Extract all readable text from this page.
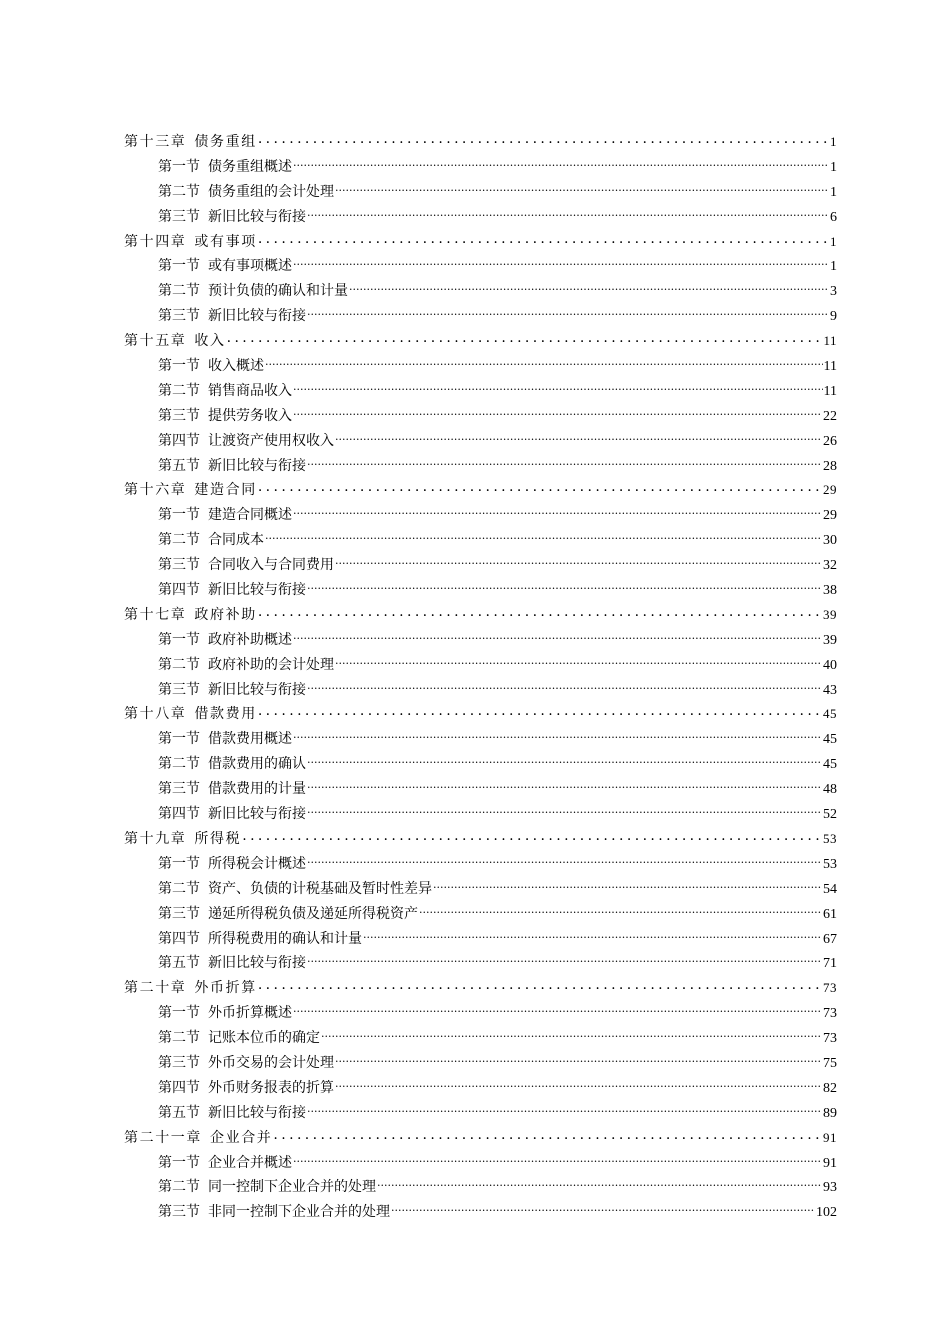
第十三章 债务重组 .....	1
第一节 债务重组概述 .....	1
第二节 债务重组的会计处理 .....	1
第三节 新旧比较与衔接 .....	6
第十四章 或有事项 .....	1
第一节 或有事项概述 .....	1
第二节 预计负债的确认和计量 .....	3
第三节 新旧比较与衔接 .....	9
第十五章 收入 .....	11
第一节 收入概述 .....	11
第二节 销售商品收入 .....	11
第三节 提供劳务收入 .....	22
第四节 让渡资产使用权收入 .....	26
第五节 新旧比较与衔接 .....	28
第十六章 建造合同 .....	29
第一节 建造合同概述 .....	29
第二节 合同成本 .....	30
第三节 合同收入与合同费用 .....	32
第四节 新旧比较与衔接 .....	38
第十七章 政府补助 .....	39
第一节 政府补助概述 .....	39
第二节 政府补助的会计处理 .....	40
第三节 新旧比较与衔接 .....	43
第十八章 借款费用 .....	45
第一节 借款费用概述 .....	45
第二节 借款费用的确认 .....	45
第三节 借款费用的计量 .....	48
第四节 新旧比较与衔接 .....	52
第十九章 所得税 .....	53
第一节 所得税会计概述 .....	53
第二节 资产、负债的计税基础及暂时性差异 .....	54
第三节 递延所得税负债及递延所得税资产 .....	61
第四节 所得税费用的确认和计量 .....	67
第五节 新旧比较与衔接 .....	71
第二十章 外币折算 .....	73
第一节 外币折算概述 .....	73
第二节 记账本位币的确定 .....	73
第三节 外币交易的会计处理 .....	75
第四节 外币财务报表的折算 .....	82
第五节 新旧比较与衔接 .....	89
第二十一章 企业合并 .....	91
第一节 企业合并概述 .....	91
第二节 同一控制下企业合并的处理 .....	93
第三节 非同一控制下企业合并的处理 .....	102
